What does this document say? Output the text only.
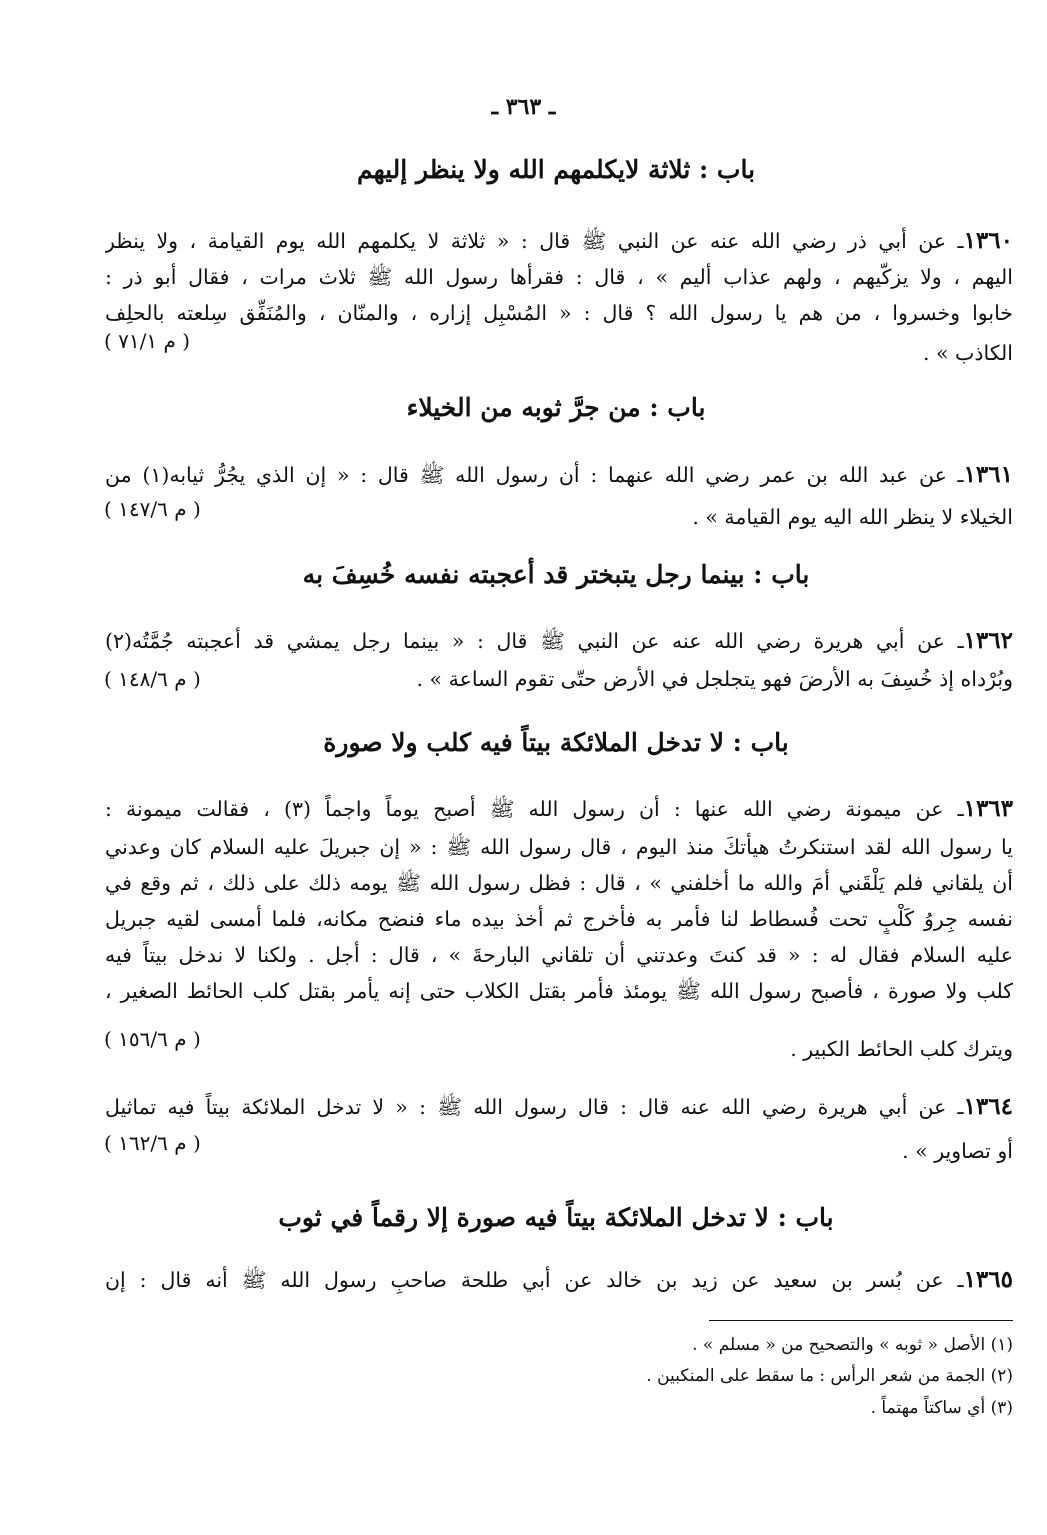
ـ ٣٦٣ ـ
باب : ثلاثة لايكلمهم الله ولا ينظر إليهم
١٣٦٠ـ عن أبي ذر رضي الله عنه عن النبي ﷺ قال : « ثلاثة لا يكلمهم الله يوم القيامة ، ولا ينظر
اليهم ، ولا يزكّيهم ، ولهم عذاب أليم » ، قال : فقرأها رسول الله ﷺ ثلاث مرات ، فقال أبو ذر :
خابوا وخسروا ، من هم يا رسول الله ؟ قال : « المُسْبِل إزاره ، والمنّان ، والمُنَفِّق سِلعته بالحلِف
الكاذب » .
( م ٧١/١ )
باب : من جرَّ ثوبه من الخيلاء
١٣٦١ـ عن عبد الله بن عمر رضي الله عنهما : أن رسول الله ﷺ قال : « إن الذي يجُرُّ ثيابه(١) من
الخيلاء لا ينظر الله اليه يوم القيامة » .
( م ١٤٧/٦ )
باب : بينما رجل يتبختر قد أعجبته نفسه خُسِفَ به
١٣٦٢ـ عن أبي هريرة رضي الله عنه عن النبي ﷺ قال : « بينما رجل يمشي قد أعجبته جُمَّتُه(٢)
وبُرْداه إذ خُسِفَ به الأرضَ فهو يتجلجل في الأرض حتّى تقوم الساعة » .
( م ١٤٨/٦ )
باب : لا تدخل الملائكة بيتاً فيه كلب ولا صورة
١٣٦٣ـ عن ميمونة رضي الله عنها : أن رسول الله ﷺ أصبح يوماً واجماً (٣) ، فقالت ميمونة :
يا رسول الله لقد استنكرتُ هيأتكَ منذ اليوم ، قال رسول الله ﷺ : « إن جبريلَ عليه السلام كان وعدني
أن يلقاني فلم يَلْقَني أمَ والله ما أخلفني » ، قال : فظل رسول الله ﷺ يومه ذلك على ذلك ، ثم وقع في
نفسه جِروُ كَلْبٍ تحت فُسطاط لنا فأمر به فأُخرج ثم أخذ بيده ماء فنضح مكانه، فلما أمسى لقيه جبريل
عليه السلام فقال له : « قد كنتَ وعدتني أن تلقاني البارحةَ » ، قال : أجل . ولكنا لا ندخل بيتاً فيه
كلب ولا صورة ، فأصبح رسول الله ﷺ يومئذ فأمر بقتل الكلاب حتى إنه يأمر بقتل كلب الحائط الصغير ،
ويترك كلب الحائط الكبير .
( م ١٥٦/٦ )
١٣٦٤ـ عن أبي هريرة رضي الله عنه قال : قال رسول الله ﷺ : « لا تدخل الملائكة بيتاً فيه تماثيل
أو تصاوير » .
( م ١٦٢/٦ )
باب : لا تدخل الملائكة بيتاً فيه صورة إلا رقماً في ثوب
١٣٦٥ـ عن بُسر بن سعيد عن زيد بن خالد عن أبي طلحة صاحبِ رسول الله ﷺ أنه قال : إن
(١) الأصل « ثوبه » والتصحيح من « مسلم » .
(٢) الجمة من شعر الرأس : ما سقط على المنكبين .
(٣) أي ساكتاً مهتماً .
